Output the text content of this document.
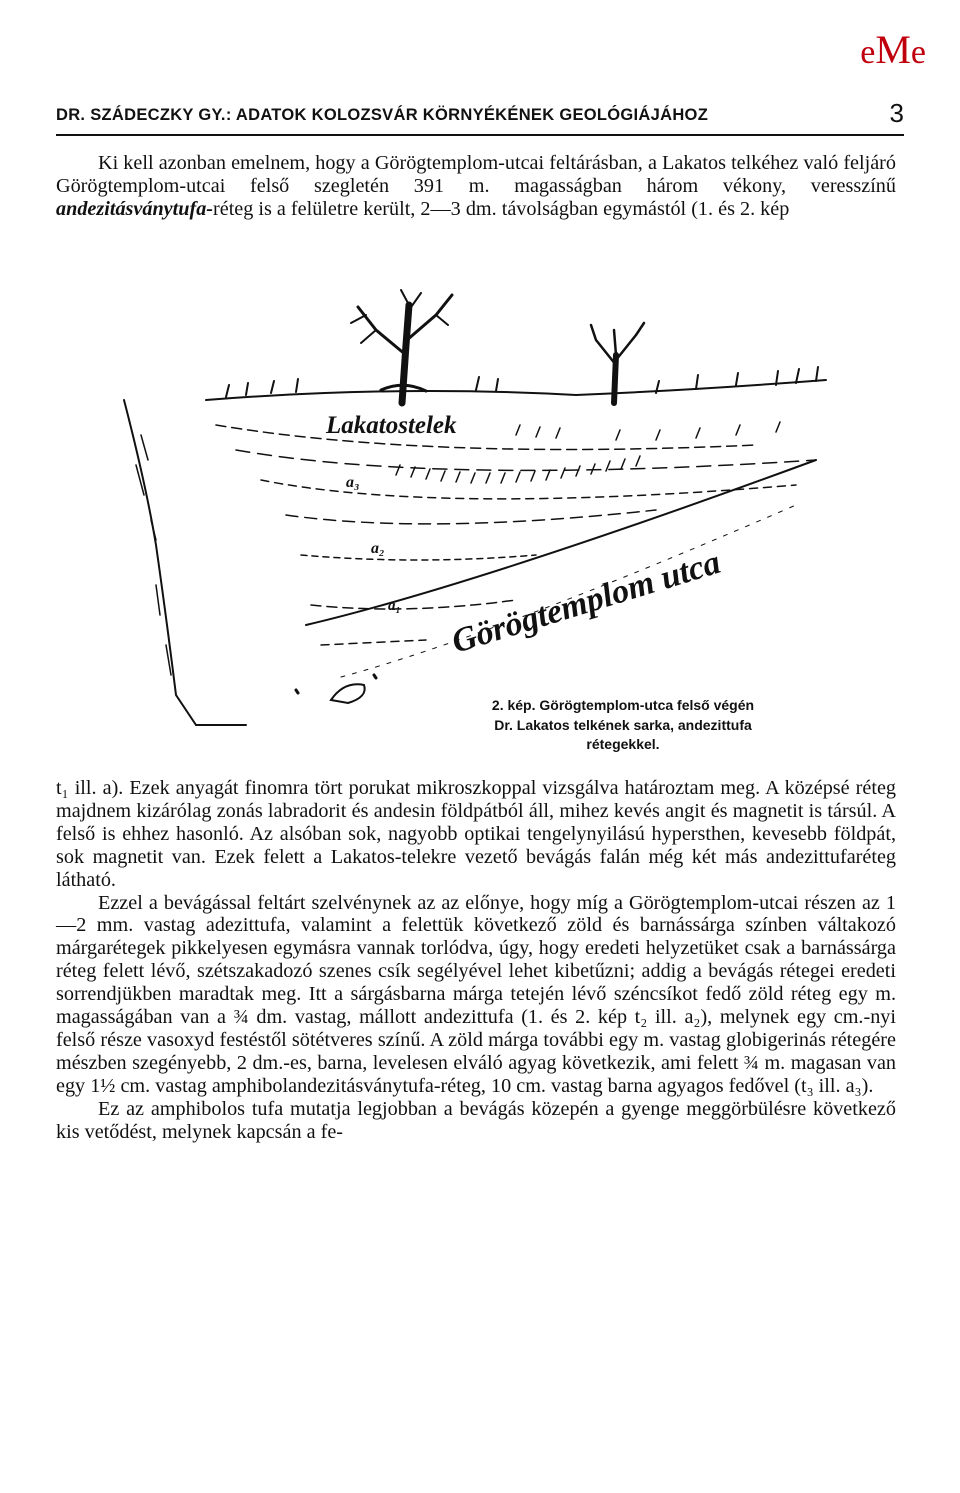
eMe
DR. SZÁDECZKY GY.: ADATOK KOLOZSVÁR KÖRNYÉKÉNEK GEOLÓGIÁJÁHOZ	3

Ki kell azonban emelnem, hogy a Görögtemplom-utcai feltárásban, a Lakatos telkéhez való feljáró Görögtemplom-utcai felső szegletén 391 m. magasságban három vékony, veresszínű andezitásványtufa-réteg is a felületre került, 2—3 dm. távolságban egymástól (1. és 2. kép

Lakatostelek
a₃
a₂
a₁ Görögtemplom utca
2. kép. Görögtemplom-utca felső végén
Dr. Lakatos telkének sarka, andezittufa
rétegekkel.

t₁ ill. a). Ezek anyagát finomra tört porukat mikroszkoppal vizsgálva határoztam meg. A középsé réteg majdnem kizárólag zonás labradorit és andesin földpátból áll, mihez kevés angit és magnetit is társúl. A felső is ehhez hasonló. Az alsóban sok, nagyobb optikai tengelynyilású hypersthen, kevesebb földpát, sok magnetit van. Ezek felett a Lakatos-telekre vezető bevágás falán még két más andezittufaréteg látható.

Ezzel a bevágással feltárt szelvénynek az az előnye, hogy míg a Görögtemplom-utcai részen az 1—2 mm. vastag adezittufa, valamint a felettük következő zöld és barnássárga színben váltakozó márgarétegek pikkelyesen egymásra vannak torlódva, úgy, hogy eredeti helyzetüket csak a barnássárga réteg felett lévő, szétszakadozó szenes csík segélyével lehet kibetűzni; addig a bevágás rétegei eredeti sorrendjükben maradtak meg. Itt a sárgásbarna márga tetején lévő széncsíkot fedő zöld réteg egy m. magasságában van a ¾ dm. vastag, mállott andezittufa (1. és 2. kép t₂ ill. a₂), melynek egy cm.-nyi felső része vasoxyd festéstől sötétveres színű. A zöld márga további egy m. vastag globigerinás rétegére mészben szegényebb, 2 dm.-es, barna, levelesen elváló agyag következik, ami felett ¾ m. magasan van egy 1½ cm. vastag amphibolandezitásványtufa-réteg, 10 cm. vastag barna agyagos fedővel (t₃ ill. a₃).

Ez az amphibolos tufa mutatja legjobban a bevágás közepén a gyenge meggörbülésre következő kis vetődést, melynek kapcsán a fe-
